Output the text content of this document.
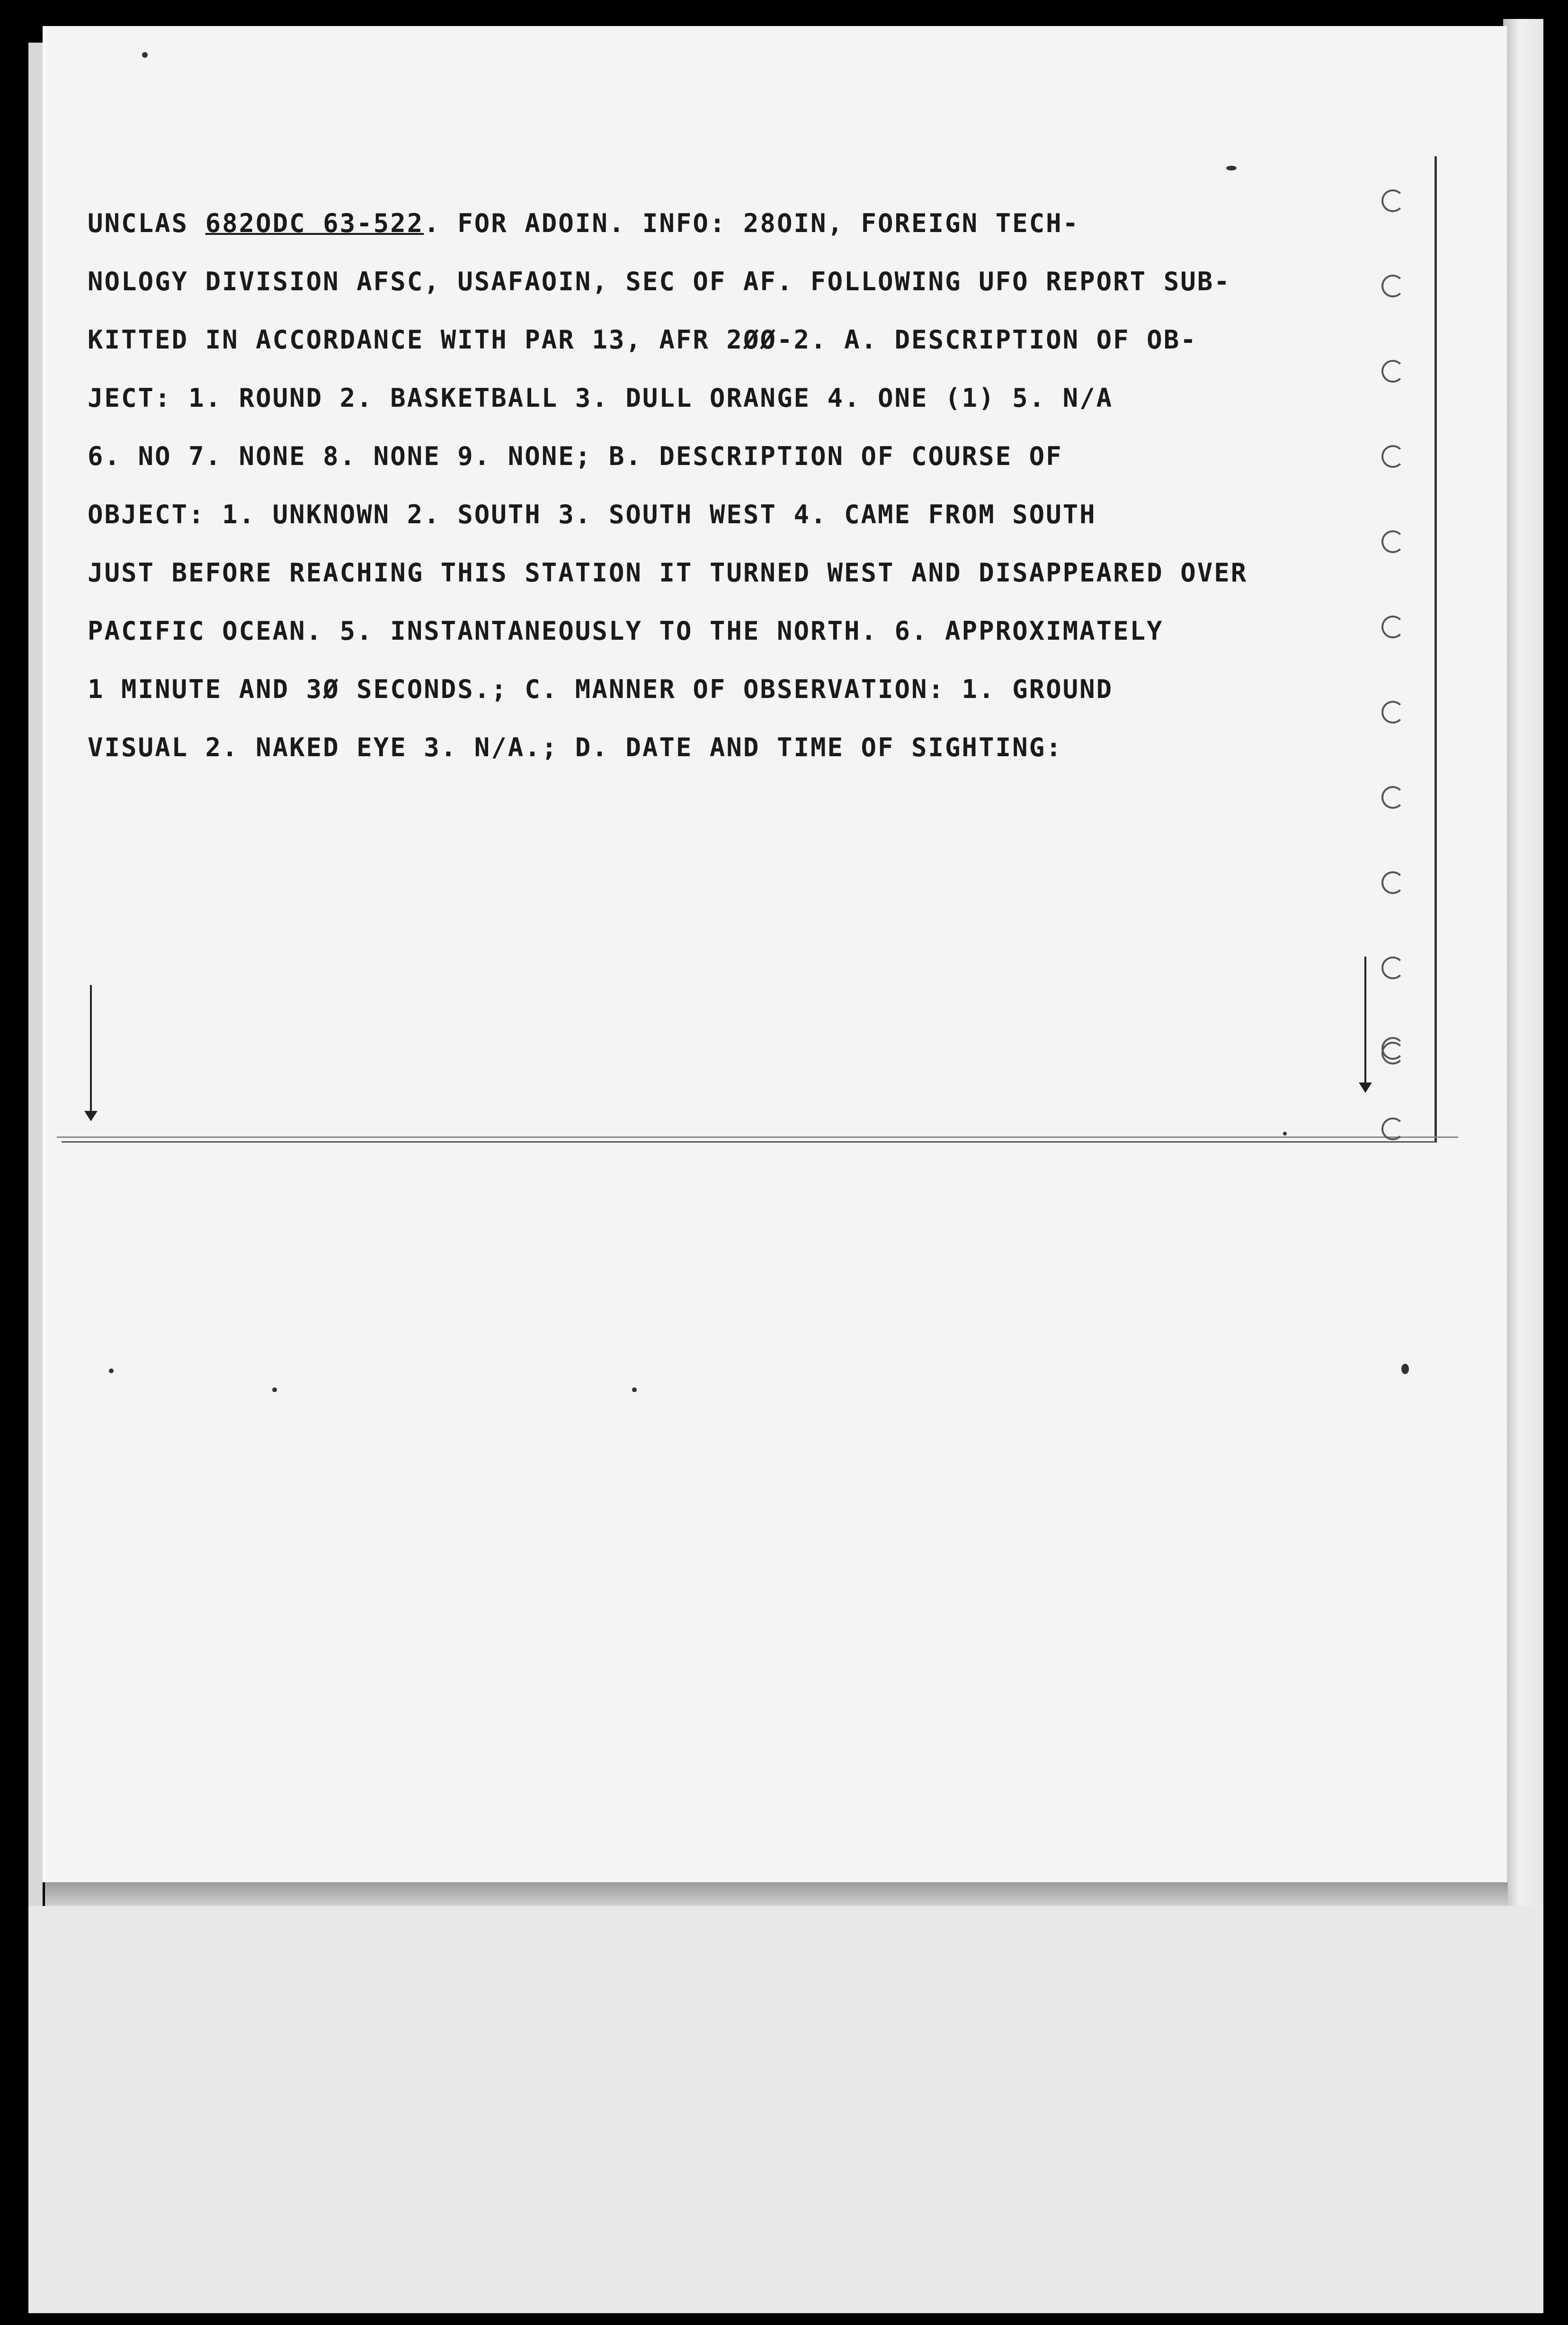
UNCLAS 682ODC 63-522. FOR ADOIN. INFO: 28OIN, FOREIGN TECH-
NOLOGY DIVISION AFSC, USAFAOIN, SEC OF AF. FOLLOWING UFO REPORT SUB-
KITTED IN ACCORDANCE WITH PAR 13, AFR 2ØØ-2. A. DESCRIPTION OF OB-
JECT: 1. ROUND 2. BASKETBALL 3. DULL ORANGE 4. ONE (1) 5. N/A
6. NO 7. NONE 8. NONE 9. NONE; B. DESCRIPTION OF COURSE OF
OBJECT: 1. UNKNOWN 2. SOUTH 3. SOUTH WEST 4. CAME FROM SOUTH
JUST BEFORE REACHING THIS STATION IT TURNED WEST AND DISAPPEARED OVER
PACIFIC OCEAN. 5. INSTANTANEOUSLY TO THE NORTH. 6. APPROXIMATELY
1 MINUTE AND 3Ø SECONDS.; C. MANNER OF OBSERVATION: 1. GROUND
VISUAL 2. NAKED EYE 3. N/A.; D. DATE AND TIME OF SIGHTING:
